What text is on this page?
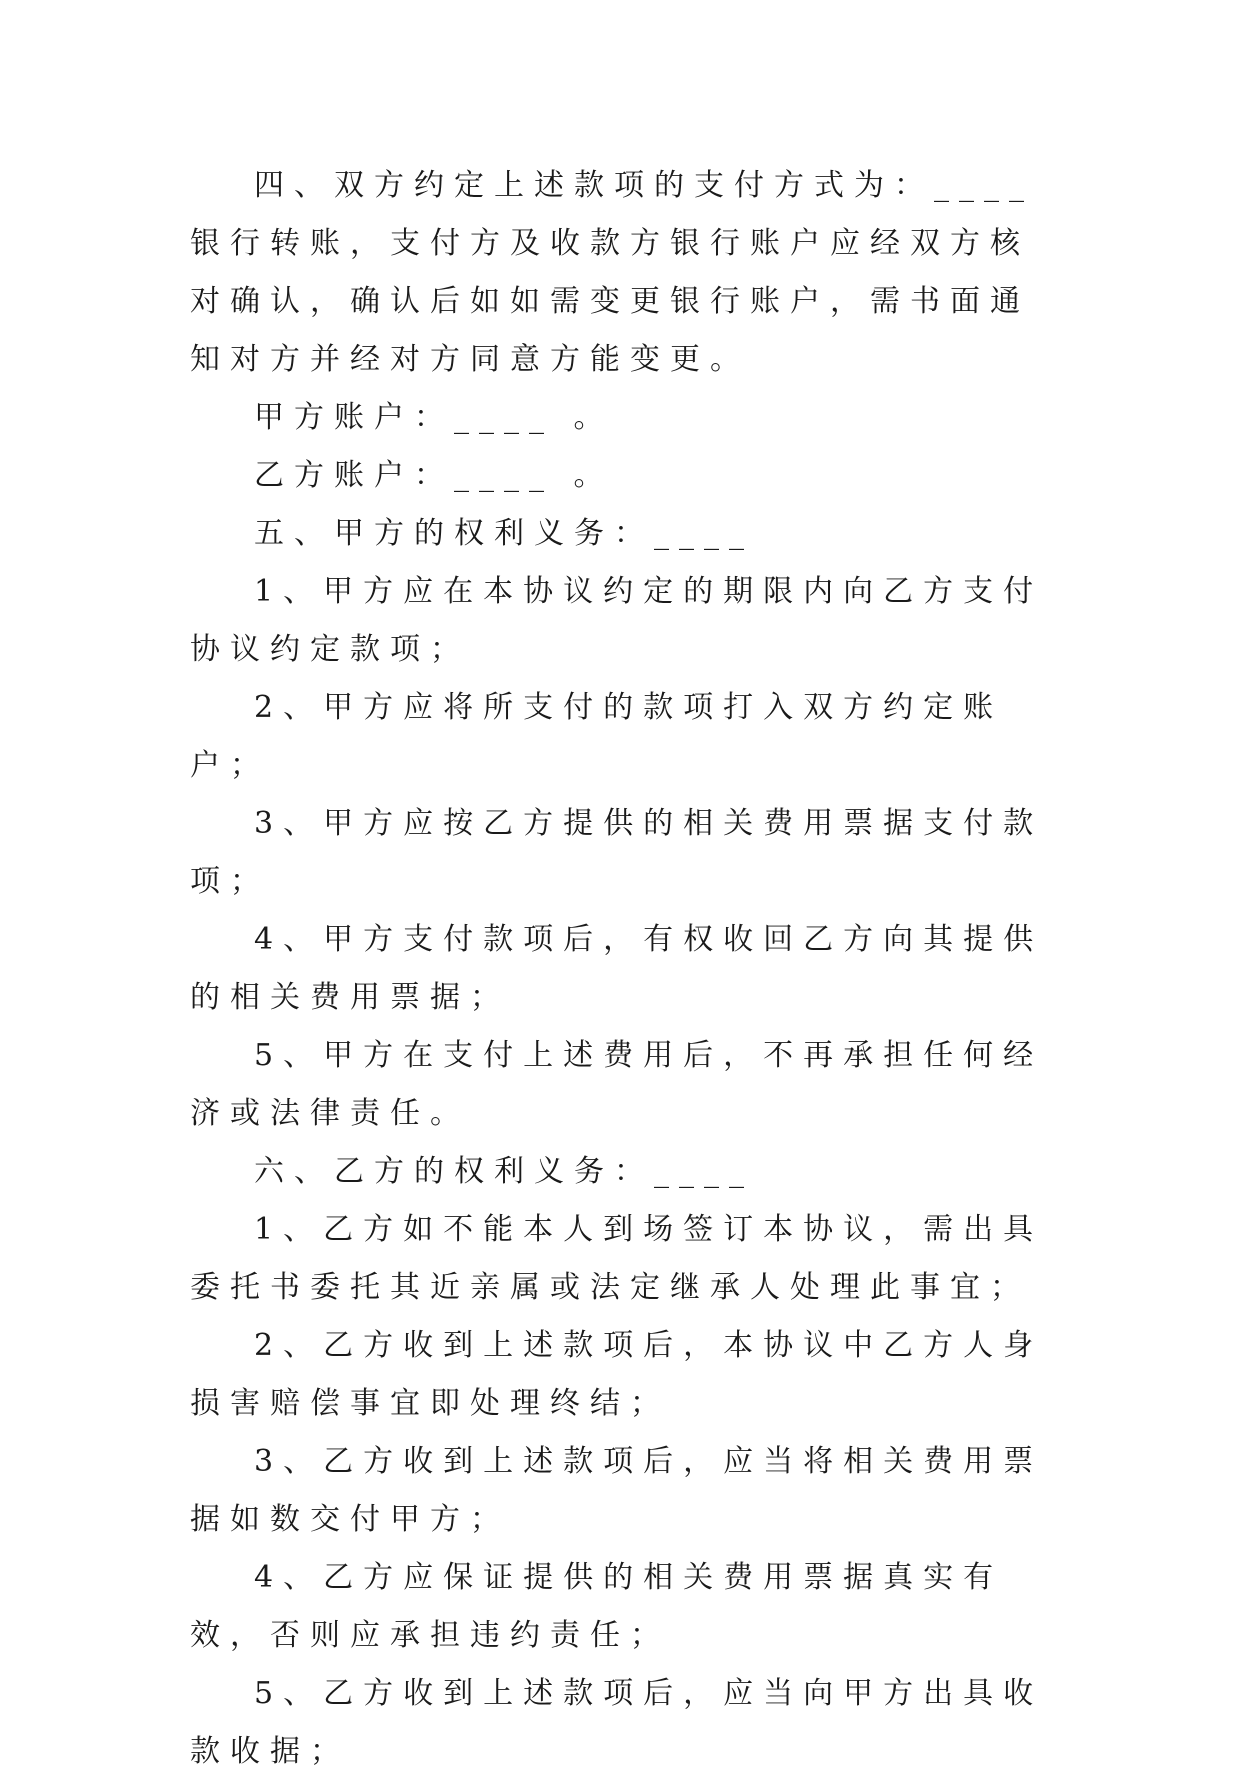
四、双方约定上述款项的支付方式为：____银行转账，支付方及收款方银行账户应经双方核对确认，确认后如如需变更银行账户，需书面通知对方并经对方同意方能变更。

甲方账户：____ 。

乙方账户：____ 。

五、甲方的权利义务：____

1、甲方应在本协议约定的期限内向乙方支付协议约定款项；

2、甲方应将所支付的款项打入双方约定账户；

3、甲方应按乙方提供的相关费用票据支付款项；

4、甲方支付款项后，有权收回乙方向其提供的相关费用票据；

5、甲方在支付上述费用后，不再承担任何经济或法律责任。

六、乙方的权利义务：____

1、乙方如不能本人到场签订本协议，需出具委托书委托其近亲属或法定继承人处理此事宜；

2、乙方收到上述款项后，本协议中乙方人身损害赔偿事宜即处理终结；

3、乙方收到上述款项后，应当将相关费用票据如数交付甲方；

4、乙方应保证提供的相关费用票据真实有效，否则应承担违约责任；

5、乙方收到上述款项后，应当向甲方出具收款收据；
